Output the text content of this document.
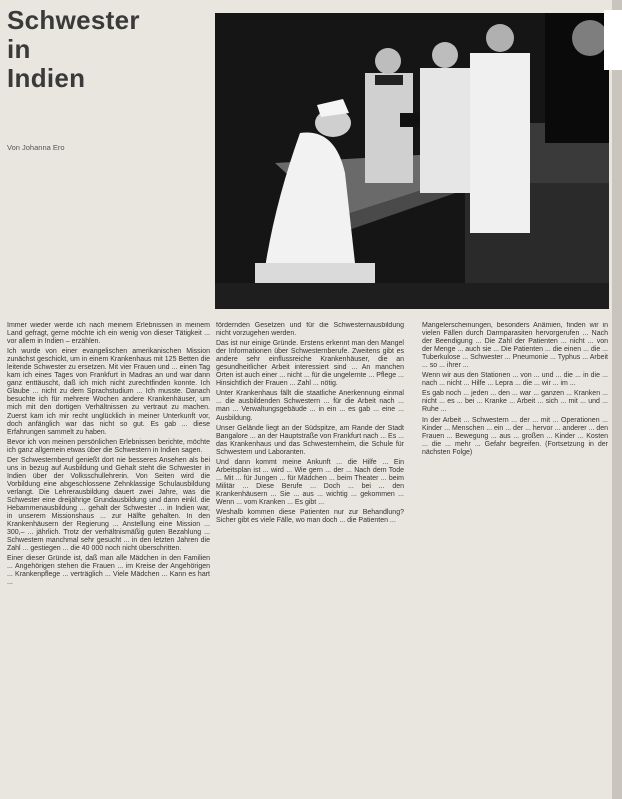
Schwester
in
Indien
Von Johanna Ero

Immer wieder werde ich nach meinem Erlebnissen in meinem Land gefragt, gerne möchte ich ein wenig von dieser Tätigkeit ... vor allem in Indien – erzählen.

Ich wurde von einer evangelischen amerikanischen Mission zunächst geschickt, um in einem Krankenhaus mit 125 Betten die leitende Schwester zu ersetzen. Mit vier Frauen und ... einen Tag kam ich eines Tages von Frankfurt in Madras an und war dann ganz enttäuscht, daß ich mich nicht zurechtfinden konnte. Ich Glaube ... nicht zu dem Sprachstudium ... Ich musste. Danach besuchte ich für mehrere Wochen andere Krankenhäuser, um mich mit den dortigen Verhältnissen zu vertraut zu machen. Zuerst kam ich mir recht unglücklich in meiner Unterkunft vor, doch anfänglich war das nicht so gut. Es gab ... diese Erfahrungen sammelt zu haben.

Bevor ich von meinen persönlichen Erlebnissen berichte, möchte ich ganz allgemein etwas über die Schwestern in Indien sagen.

Der Schwesternberuf genießt dort nie besseres Ansehen als bei uns in bezug auf Ausbildung und Gehalt steht die Schwester in Indien über der Volksschullehrerin. Von Seiten wird die Vorbildung eine abgeschlossene Zehnklassige Schulausbildung verlangt. Die Lehrerausbildung dauert zwei Jahre, was die Schwester eine dreijährige Grundausbildung und dann einkl. die Hebammenausbildung ... gehalt der Schwester ... in Indien war, in unserem Missionshaus ... zur Hälfte gehalten. In den Krankenhäusern der Regierung ... Anstellung eine Mission ... 300,– ... jährlich. Trotz der verhältnismäßig guten Bezahlung ... Schwestern manchmal sehr gesucht ... in den letzten Jahren die Zahl ... gestiegen ... die 40 000 noch nicht überschritten.

Einer dieser Gründe ist, daß man alle Mädchen in den Familien ... Angehörigen stehen die Frauen ... im Kreise der Angehörigen ... Krankenpflege ... verträglich ... Viele Mädchen ... Kann es hart ...

fördernden Gesetzen und für die Schwesternausbildung nicht vorzugehen werden.

Das ist nur einige Gründe. Erstens erkennt man den Mangel der Informationen über Schwesternberufe. Zweitens gibt es andere sehr einflussreiche Krankenhäuser, die an gesundheitlicher Arbeit interessiert sind ... An manchen Orten ist auch einer ... nicht ... für die ungelernte ... Pflege ... Hinsichtlich der Frauen ... Zahl ... nötig.

Unter Krankenhaus fällt die staatliche Anerkennung einmal ... die ausbildenden Schwestern ... für die Arbeit nach ... man ... Verwaltungsgebäude ... in ein ... es gab ... eine ... Ausbildung.

Unser Gelände liegt an der Südspitze, am Rande der Stadt Bangalore ... an der Hauptstraße von Frankfurt nach ... Es ... das Krankenhaus und das Schwesternheim, die Schule für Schwestern und Laboranten.

Und dann kommt meine Ankunft ... die Hilfe ... Ein Arbeitsplan ist ... wird ... Wie gern ... der ... Nach dem Tode ... Mit ... für Jungen ... für Mädchen ... beim Theater ... beim Militär ... Diese Berufe ... Doch ... bei ... den Krankenhäusern ... Sie ... aus ... wichtig ... gekommen ... Wenn ... vom Kranken ... Es gibt ...

Weshalb kommen diese Patienten nur zur Behandlung? Sicher gibt es viele Fälle, wo man doch ... die Patienten ...

Mangelerscheinungen, besonders Anämien, finden wir in vielen Fällen durch Darmparasiten hervorgerufen ... Nach der Beendigung ... Die Zahl der Patienten ... nicht ... von der Menge ... auch sie ... Die Patienten ... die einen ... die ... Tuberkulose ... Schwester ... Pneumonie ... Typhus ... Arbeit ... so ... ihrer ...

Wenn wir aus den Stationen ... von ... und ... die ... in die ... nach ... nicht ... Hilfe ... Lepra ... die ... wir ... im ...

Es gab noch ... jeden ... den ... war ... ganzen ... Kranken ... nicht ... es ... bei ... Kranke ... Arbeit ... sich ... mit ... und ... Ruhe ...

In der Arbeit ... Schwestern ... der ... mit ... Operationen ... Kinder ... Menschen ... ein ... der ... hervor ... anderer ... den Frauen ... Bewegung ... aus ... großen ... Kinder ... Kosten ... die ... mehr ... Gefahr begreifen. (Fortsetzung in der nächsten Folge)
